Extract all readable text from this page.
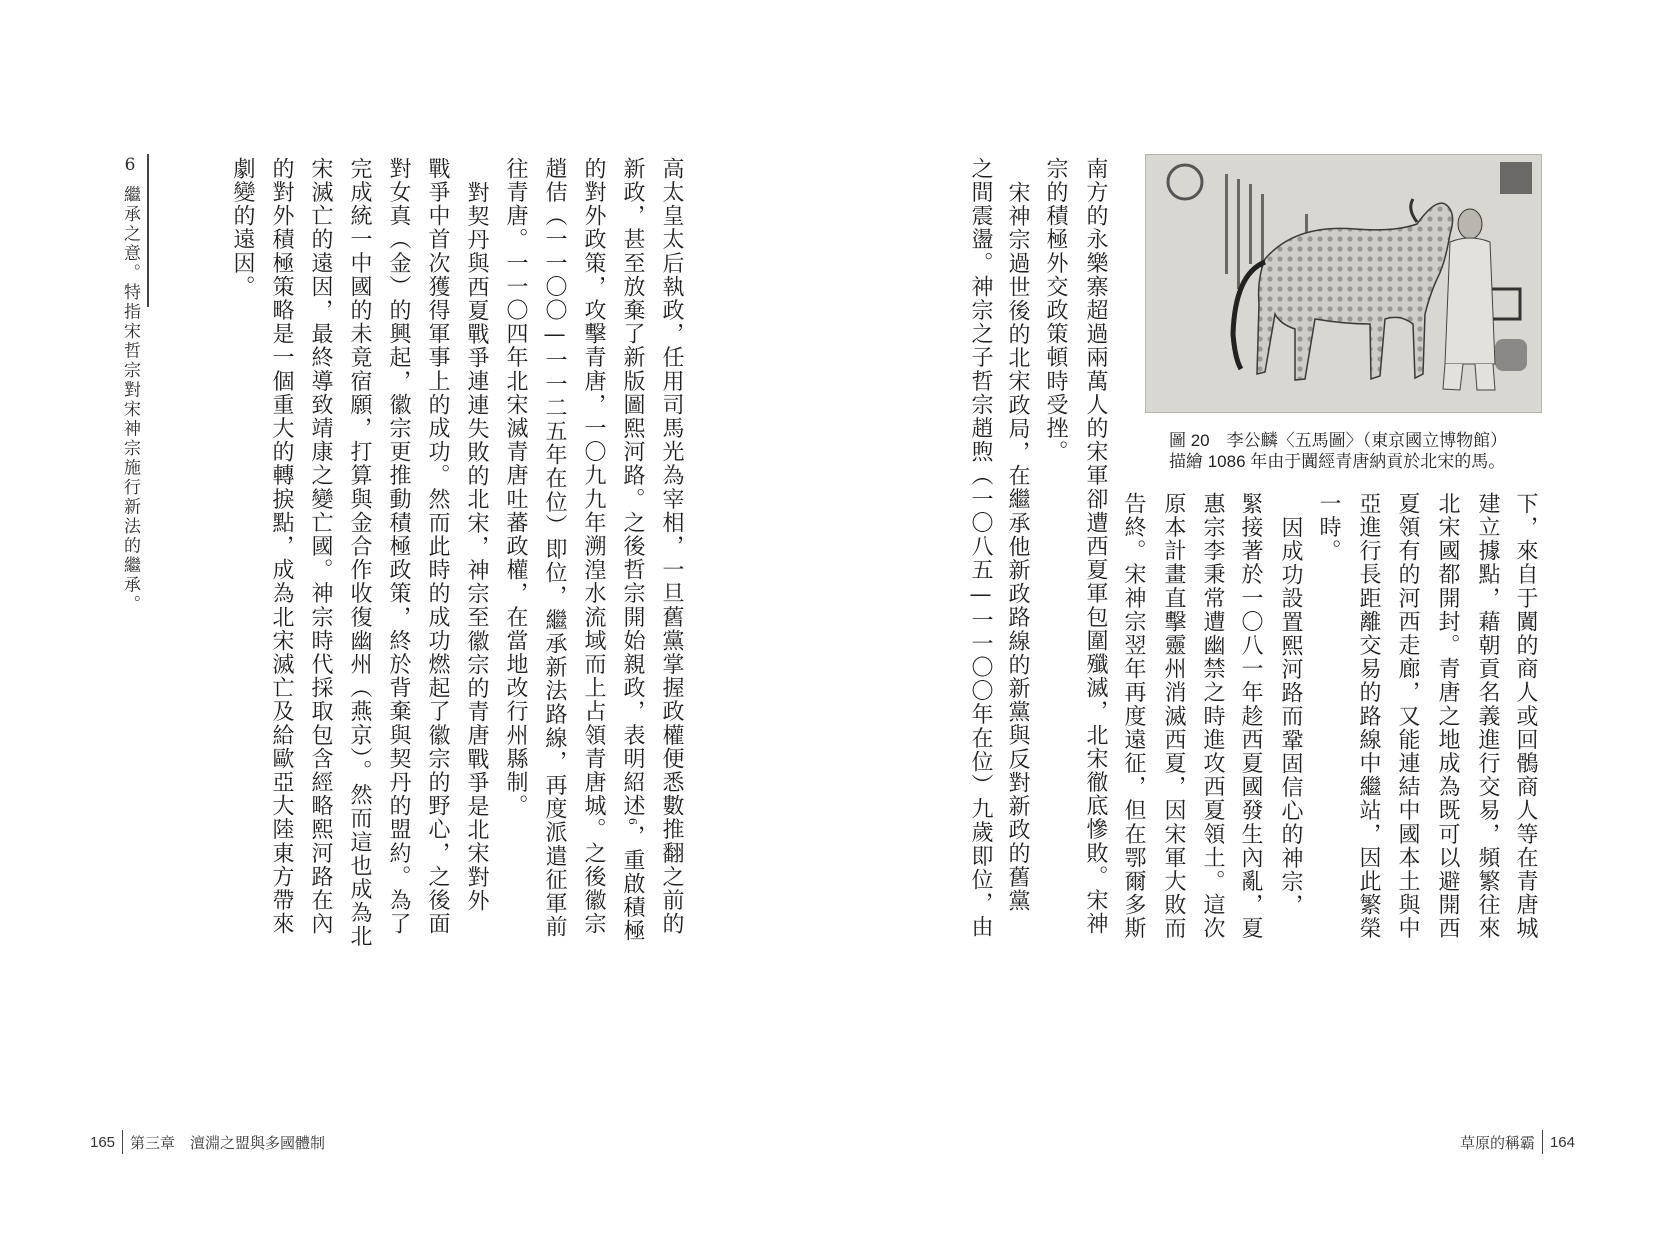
高太皇太后執政，任用司馬光為宰相，一旦舊黨掌握政權便悉數推翻之前的
新政，甚至放棄了新版圖熙河路。之後哲宗開始親政，表明紹述6，重啟積極
的對外政策，攻擊青唐，一〇九九年溯湟水流域而上占領青唐城。之後徽宗
趙佶（一一〇〇—一一二五年在位）即位，繼承新法路線，再度派遣征軍前
往青唐。一一〇四年北宋滅青唐吐蕃政權，在當地改行州縣制。
對契丹與西夏戰爭連連失敗的北宋，神宗至徽宗的青唐戰爭是北宋對外
戰爭中首次獲得軍事上的成功。然而此時的成功燃起了徽宗的野心，之後面
對女真（金）的興起，徽宗更推動積極政策，終於背棄與契丹的盟約。為了
完成統一中國的未竟宿願，打算與金合作收復幽州（燕京）。然而這也成為北
宋滅亡的遠因，最終導致靖康之變亡國。神宗時代採取包含經略熙河路在內
的對外積極策略是一個重大的轉捩點，成為北宋滅亡及給歐亞大陸東方帶來
劇變的遠因。
6繼承之意。特指宋哲宗對宋神宗施行新法的繼承。
165 第三章　澶淵之盟與多國體制
圖 20　李公麟〈五馬圖〉（東京國立博物館）
描繪 1086 年由于闐經青唐納貢於北宋的馬。
下，來自于闐的商人或回鶻商人等在青唐城
建立據點，藉朝貢名義進行交易，頻繁往來
北宋國都開封。青唐之地成為既可以避開西
夏領有的河西走廊，又能連結中國本土與中
亞進行長距離交易的路線中繼站，因此繁榮
一時。
因成功設置熙河路而鞏固信心的神宗，
緊接著於一〇八一年趁西夏國發生內亂，夏
惠宗李秉常遭幽禁之時進攻西夏領土。這次
原本計畫直擊靈州消滅西夏，因宋軍大敗而
告終。宋神宗翌年再度遠征，但在鄂爾多斯
南方的永樂寨超過兩萬人的宋軍卻遭西夏軍包圍殲滅，北宋徹底慘敗。宋神
宗的積極外交政策頓時受挫。
宋神宗過世後的北宋政局，在繼承他新政路線的新黨與反對新政的舊黨
之間震盪。神宗之子哲宗趙煦（一〇八五—一一〇〇年在位）九歲即位，由
草原的稱霸 164
